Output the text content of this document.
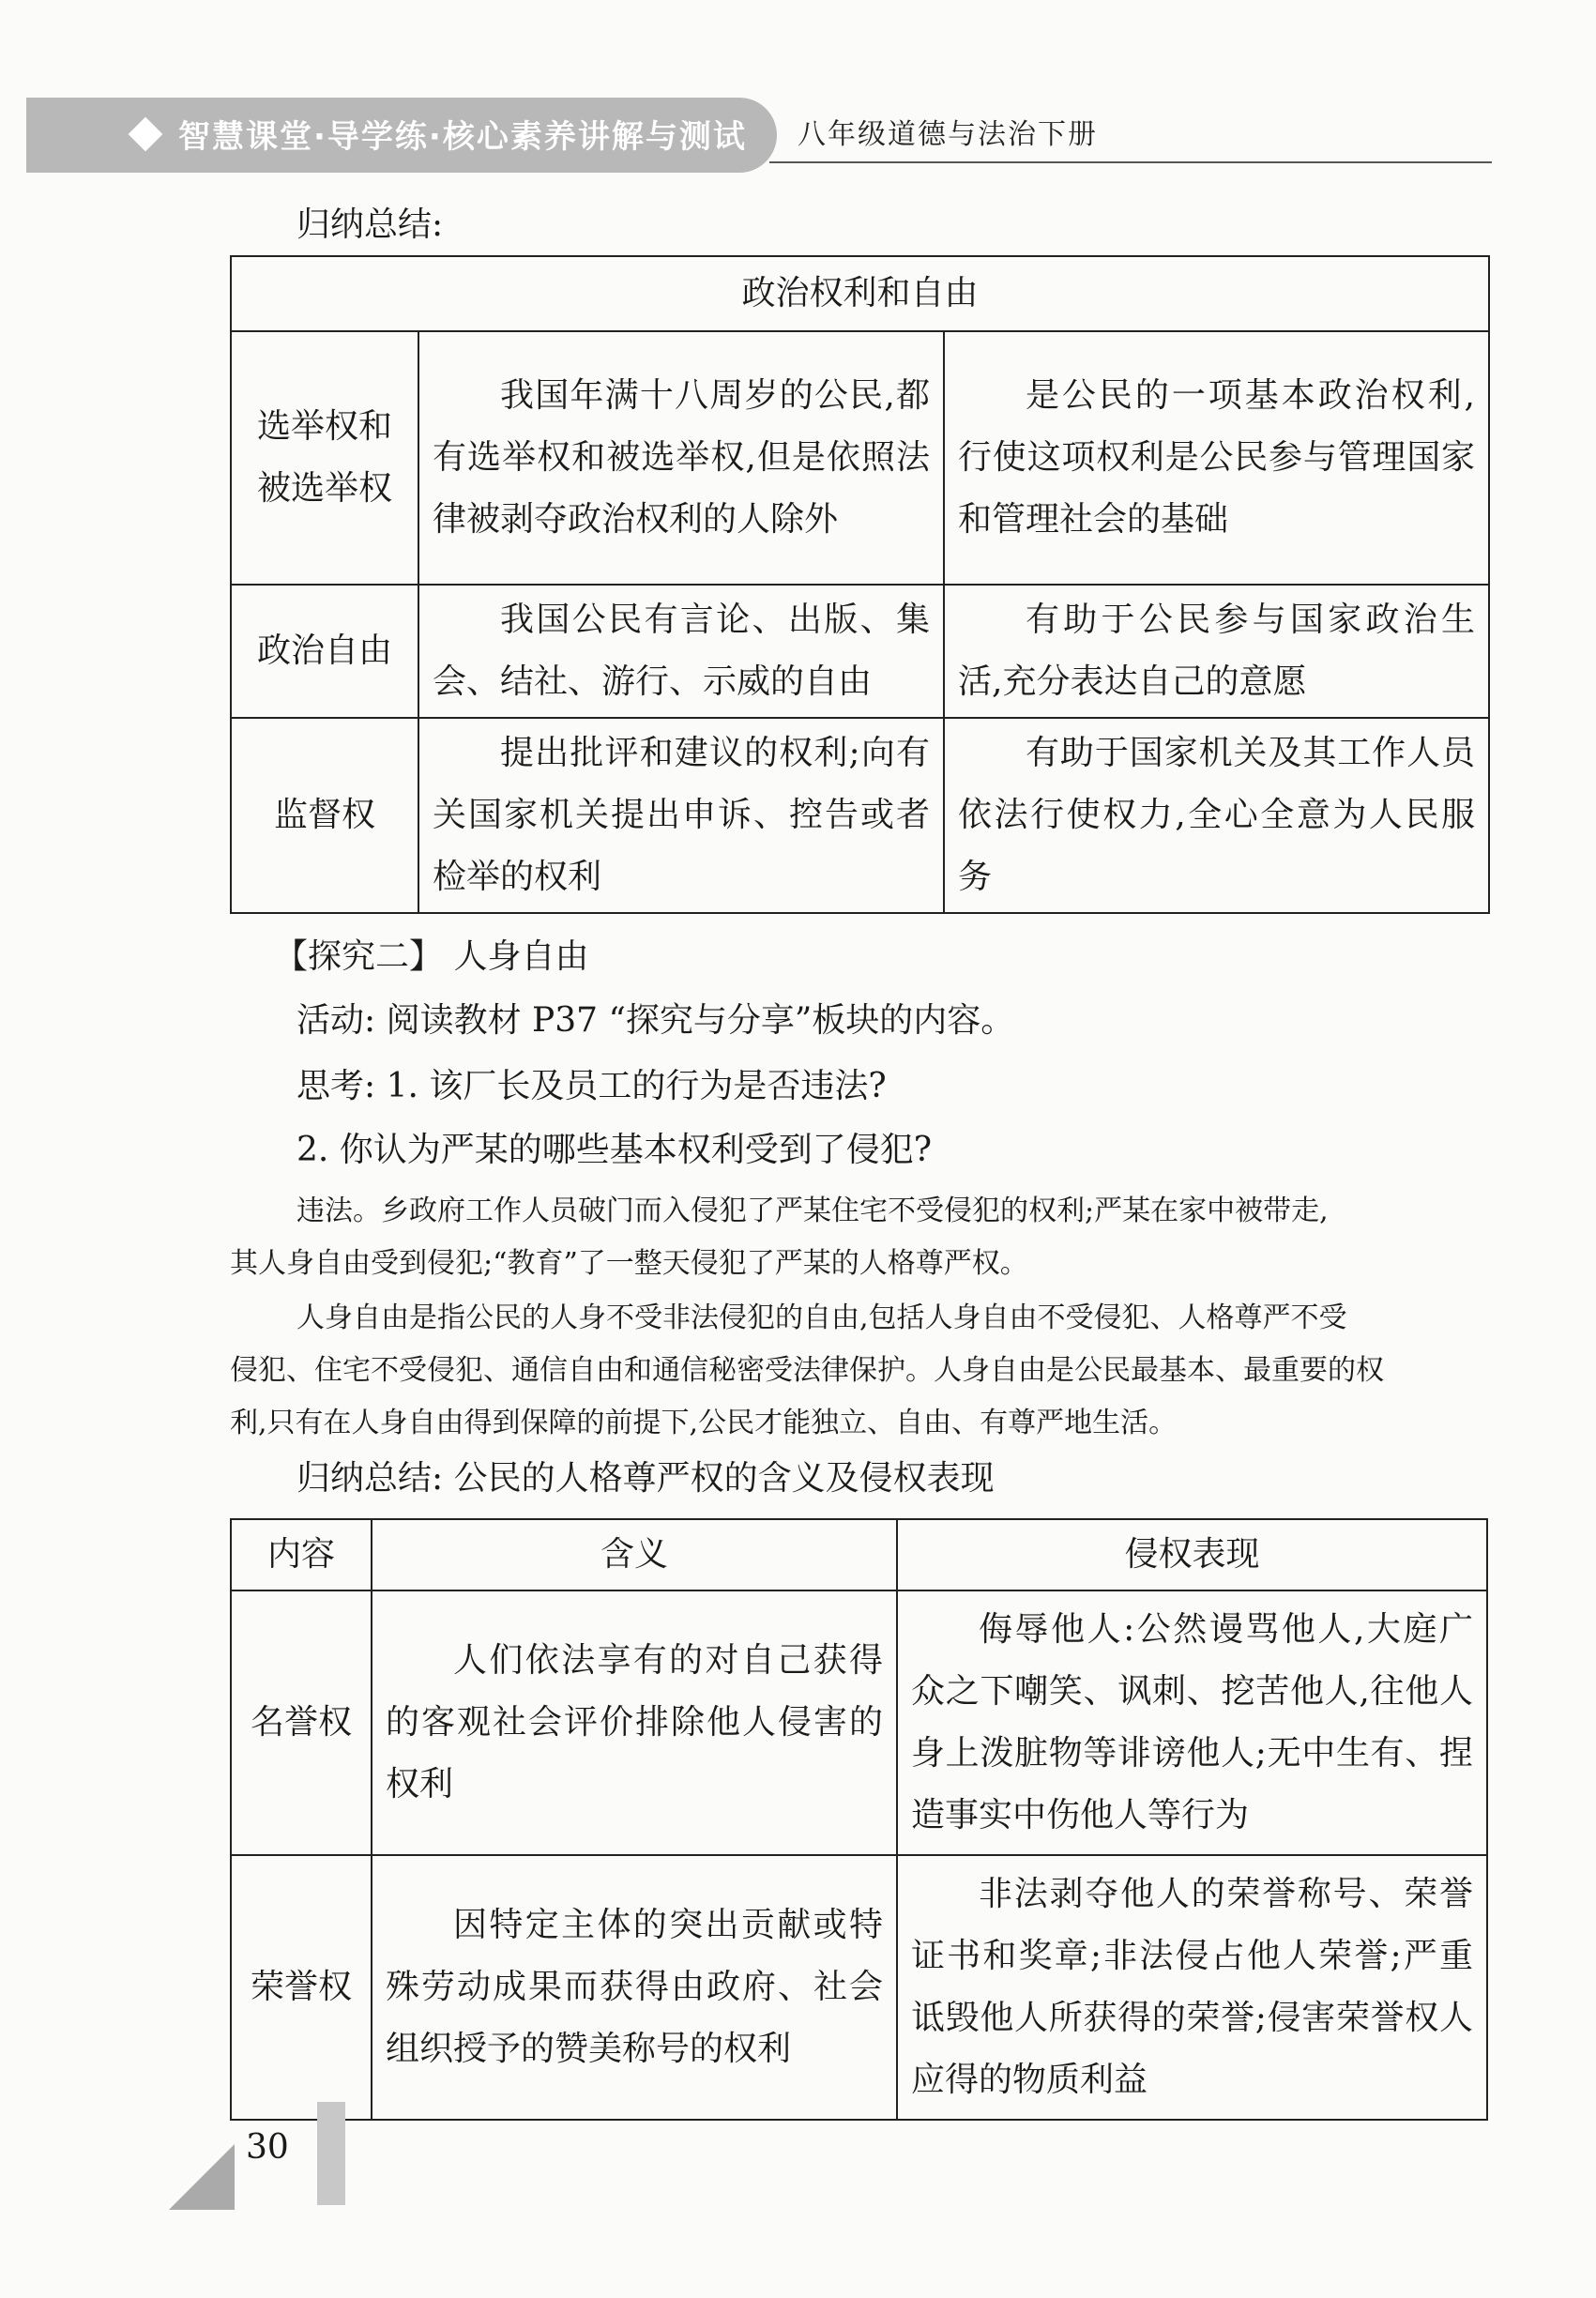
智慧课堂·导学练·核心素养讲解与测试 八年级道德与法治下册
归纳总结:
政治权利和自由		
选举权和被选举权	我国年满十八周岁的公民,都有选举权和被选举权,但是依照法律被剥夺政治权利的人除外	是公民的一项基本政治权利,行使这项权利是公民参与管理国家和管理社会的基础
政治自由	我国公民有言论、出版、集会、结社、游行、示威的自由	有助于公民参与国家政治生活,充分表达自己的意愿
监督权	提出批评和建议的权利;向有关国家机关提出申诉、控告或者检举的权利	有助于国家机关及其工作人员依法行使权力,全心全意为人民服务
【探究二】 人身自由
活动: 阅读教材 P37 “探究与分享”板块的内容。
思考: 1. 该厂长及员工的行为是否违法?
2. 你认为严某的哪些基本权利受到了侵犯?
违法。乡政府工作人员破门而入侵犯了严某住宅不受侵犯的权利;严某在家中被带走,
其人身自由受到侵犯;“教育”了一整天侵犯了严某的人格尊严权。
人身自由是指公民的人身不受非法侵犯的自由,包括人身自由不受侵犯、人格尊严不受
侵犯、住宅不受侵犯、通信自由和通信秘密受法律保护。人身自由是公民最基本、最重要的权
利,只有在人身自由得到保障的前提下,公民才能独立、自由、有尊严地生活。
归纳总结: 公民的人格尊严权的含义及侵权表现
内容	含义	侵权表现
名誉权	人们依法享有的对自己获得的客观社会评价排除他人侵害的权利	侮辱他人:公然谩骂他人,大庭广众之下嘲笑、讽刺、挖苦他人,往他人身上泼脏物等诽谤他人;无中生有、捏造事实中伤他人等行为
荣誉权	因特定主体的突出贡献或特殊劳动成果而获得由政府、社会组织授予的赞美称号的权利	非法剥夺他人的荣誉称号、荣誉证书和奖章;非法侵占他人荣誉;严重诋毁他人所获得的荣誉;侵害荣誉权人应得的物质利益
30
